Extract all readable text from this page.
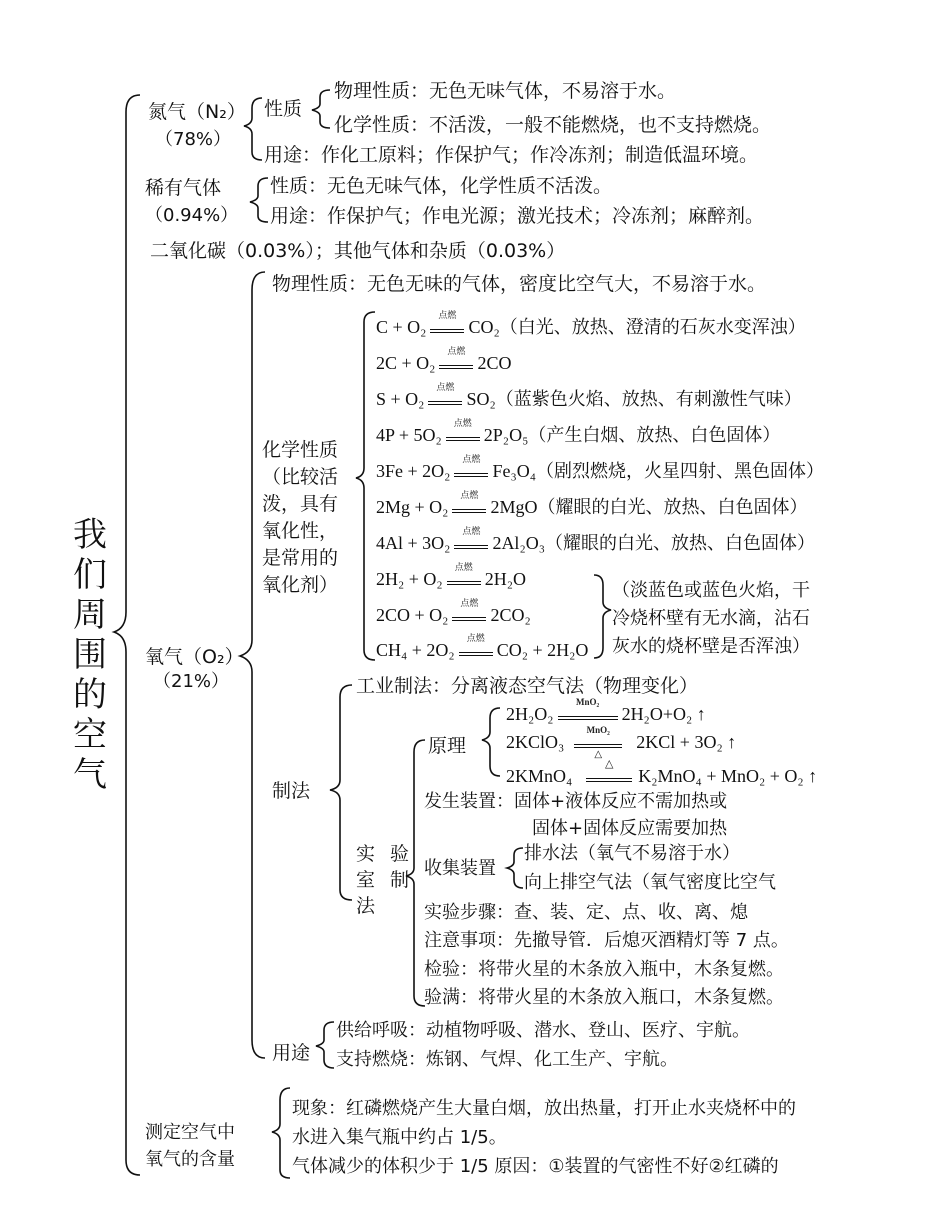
我们周围的空气
氮气（N₂）
（78%）
性质
物理性质：无色无味气体，不易溶于水。
化学性质：不活泼，一般不能燃烧，也不支持燃烧。
用途：作化工原料；作保护气；作冷冻剂；制造低温环境。
稀有气体
（0.94%）
性质：无色无味气体，化学性质不活泼。
用途：作保护气；作电光源；激光技术；冷冻剂；麻醉剂。
二氧化碳（0.03%）；其他气体和杂质（0.03%）
氧气（O₂）
（21%）
物理性质：无色无味的气体，密度比空气大，不易溶于水。
化学性质
（比较活
泼，具有
氧化性，
是常用的
氧化剂）
C + O₂
点燃
CO₂（白光、放热、澄清的石灰水变浑浊）
2C + O₂
点燃
2CO
S + O₂
点燃
SO₂（蓝紫色火焰、放热、有刺激性气味）
4P + 5O₂
点燃
2P₂O₅（产生白烟、放热、白色固体）
3Fe + 2O₂
点燃
Fe₃O₄（剧烈燃烧，火星四射、黑色固体）
2Mg + O₂
点燃
2MgO（耀眼的白光、放热、白色固体）
4Al + 3O₂
点燃
2Al₂O₃（耀眼的白光、放热、白色固体）
2H₂ + O₂
点燃
2H₂O
2CO + O₂
点燃
2CO₂
CH₄ + 2O₂
点燃
CO₂ + 2H₂O
（淡蓝色或蓝色火焰，干
冷烧杯壁有无水滴，沾石
灰水的烧杯壁是否浑浊）
制法
工业制法：分离液态空气法（物理变化）
实 验
室 制
法
原理
2H₂O₂
MnO₂
2H₂O+O₂ ↑
2KClO₃
MnO₂
△
2KCl + 3O₂ ↑
2KMnO₄
△
K₂MnO₄ + MnO₂ + O₂ ↑
发生装置：固体+液体反应不需加热或
固体+固体反应需要加热
收集装置
排水法（氧气不易溶于水）
向上排空气法（氧气密度比空气
实验步骤：查、装、定、点、收、离、熄
注意事项：先撤导管．后熄灭酒精灯等 7 点。
检验：将带火星的木条放入瓶中，木条复燃。
验满：将带火星的木条放入瓶口，木条复燃。
用途
供给呼吸：动植物呼吸、潜水、登山、医疗、宇航。
支持燃烧：炼钢、气焊、化工生产、宇航。
测定空气中
氧气的含量
现象：红磷燃烧产生大量白烟，放出热量，打开止水夹烧杯中的
水进入集气瓶中约占 1/5。
气体减少的体积少于 1/5 原因：①装置的气密性不好②红磷的
